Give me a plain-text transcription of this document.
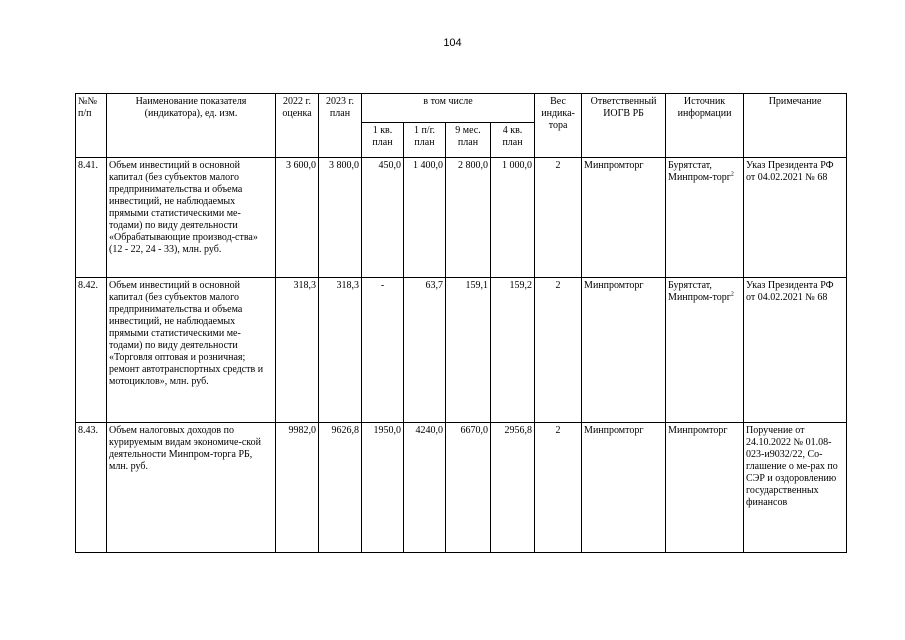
104
№№ п/п	Наименование показателя (индикатора), ед. изм.	2022 г. оценка	2023 г. план	в том числе				Вес индика-тора	Ответственный ИОГВ РБ	Источник информации	Примечание
				1 кв. план	1 п/г. план	9 мес. план	4 кв. план				
8.41.	Объем инвестиций в основной капитал (без субъектов малого предпринимательства и объема инвестиций, не наблюдаемых прямыми статистическими ме-тодами) по виду деятельности «Обрабатывающие производ-ства» (12 - 22, 24 - 33), млн. руб.	3 600,0	3 800,0	450,0	1 400,0	2 800,0	1 000,0	2	Минпромторг	Бурятстат, Минпром-торг$^2$	Указ Президента РФ от 04.02.2021 № 68
8.42.	Объем инвестиций в основной капитал (без субъектов малого предпринимательства и объема инвестиций, не наблюдаемых прямыми статистическими ме-тодами) по виду деятельности «Торговля оптовая и розничная; ремонт автотранспортных средств и мотоциклов», млн. руб.	318,3	318,3	-	63,7	159,1	159,2	2	Минпромторг	Бурятстат, Минпром-торг$^2$	Указ Президента РФ от 04.02.2021 № 68
8.43.	Объем налоговых доходов по курируемым видам экономиче-ской деятельности Минпром-торга РБ, млн. руб.	9982,0	9626,8	1950,0	4240,0	6670,0	2956,8	2	Минпромторг	Минпромторг	Поручение от 24.10.2022 № 01.08-023-и9032/22, Со-глашение о ме-рах по СЭР и оздоровлению государственных финансов
